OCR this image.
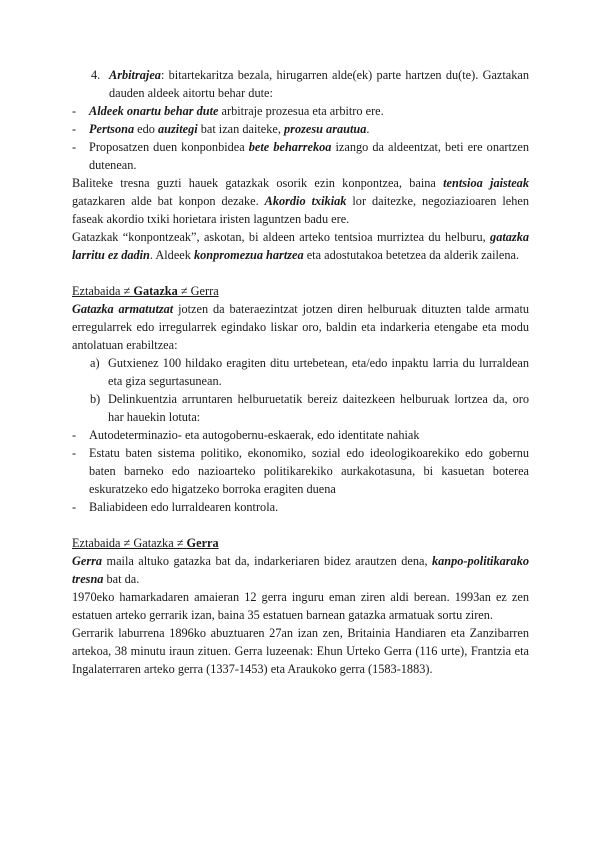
4. Arbitrajea: bitartekaritza bezala, hirugarren alde(ek) parte hartzen du(te). Gaztakan dauden aldeek aitortu behar dute:
-	Aldeek onartu behar dute arbitraje prozesua eta arbitro ere.
-	Pertsona edo auzitegi bat izan daiteke, prozesu arautua.
-	Proposatzen duen konponbidea bete beharrekoa izango da aldeentzat, beti ere onartzen dutenean.

Baliteke tresna guzti hauek gatazkak osorik ezin konpontzea, baina tentsioa jaisteak gatazkaren alde bat konpon dezake. Akordio txikiak lor daitezke, negoziazioaren lehen faseak akordio txiki horietara iristen laguntzen badu ere.

Gatazkak “konpontzeak”, askotan, bi aldeen arteko tentsioa murriztea du helburu, gatazka larritu ez dadin. Aldeek konpromezua hartzea eta adostutakoa betetzea da alderik zailena.

Eztabaida ≠ Gatazka ≠ Gerra

Gatazka armatutzat jotzen da bateraezintzat jotzen diren helburuak dituzten talde armatu erregularrek edo irregularrek egindako liskar oro, baldin eta indarkeria etengabe eta modu antolatuan erabiltzea:

a) Gutxienez 100 hildako eragiten ditu urtebetean, eta/edo inpaktu larria du lurraldean eta giza segurtasunean.
b) Delinkuentzia arruntaren helburuetatik bereiz daitezkeen helburuak lortzea da, oro har hauekin lotuta:
-	Autodeterminazio- eta autogobernu-eskaerak, edo identitate nahiak
-	Estatu baten sistema politiko, ekonomiko, sozial edo ideologikoarekiko edo gobernu baten barneko edo nazioarteko politikarekiko aurkakotasuna, bi kasuetan boterea eskuratzeko edo higatzeko borroka eragiten duena
-	Baliabideen edo lurraldearen kontrola.

Eztabaida ≠ Gatazka ≠ Gerra

Gerra maila altuko gatazka bat da, indarkeriaren bidez arautzen dena, kanpo-politikarako tresna bat da.

1970eko hamarkadaren amaieran 12 gerra inguru eman ziren aldi berean. 1993an ez zen estatuen arteko gerrarik izan, baina 35 estatuen barnean gatazka armatuak sortu ziren.

Gerrarik laburrena 1896ko abuztuaren 27an izan zen, Britainia Handiaren eta Zanzibarren artekoa, 38 minutu iraun zituen. Gerra luzeenak: Ehun Urteko Gerra (116 urte), Frantzia eta Ingalaterraren arteko gerra (1337-1453) eta Araukoko gerra (1583-1883).
